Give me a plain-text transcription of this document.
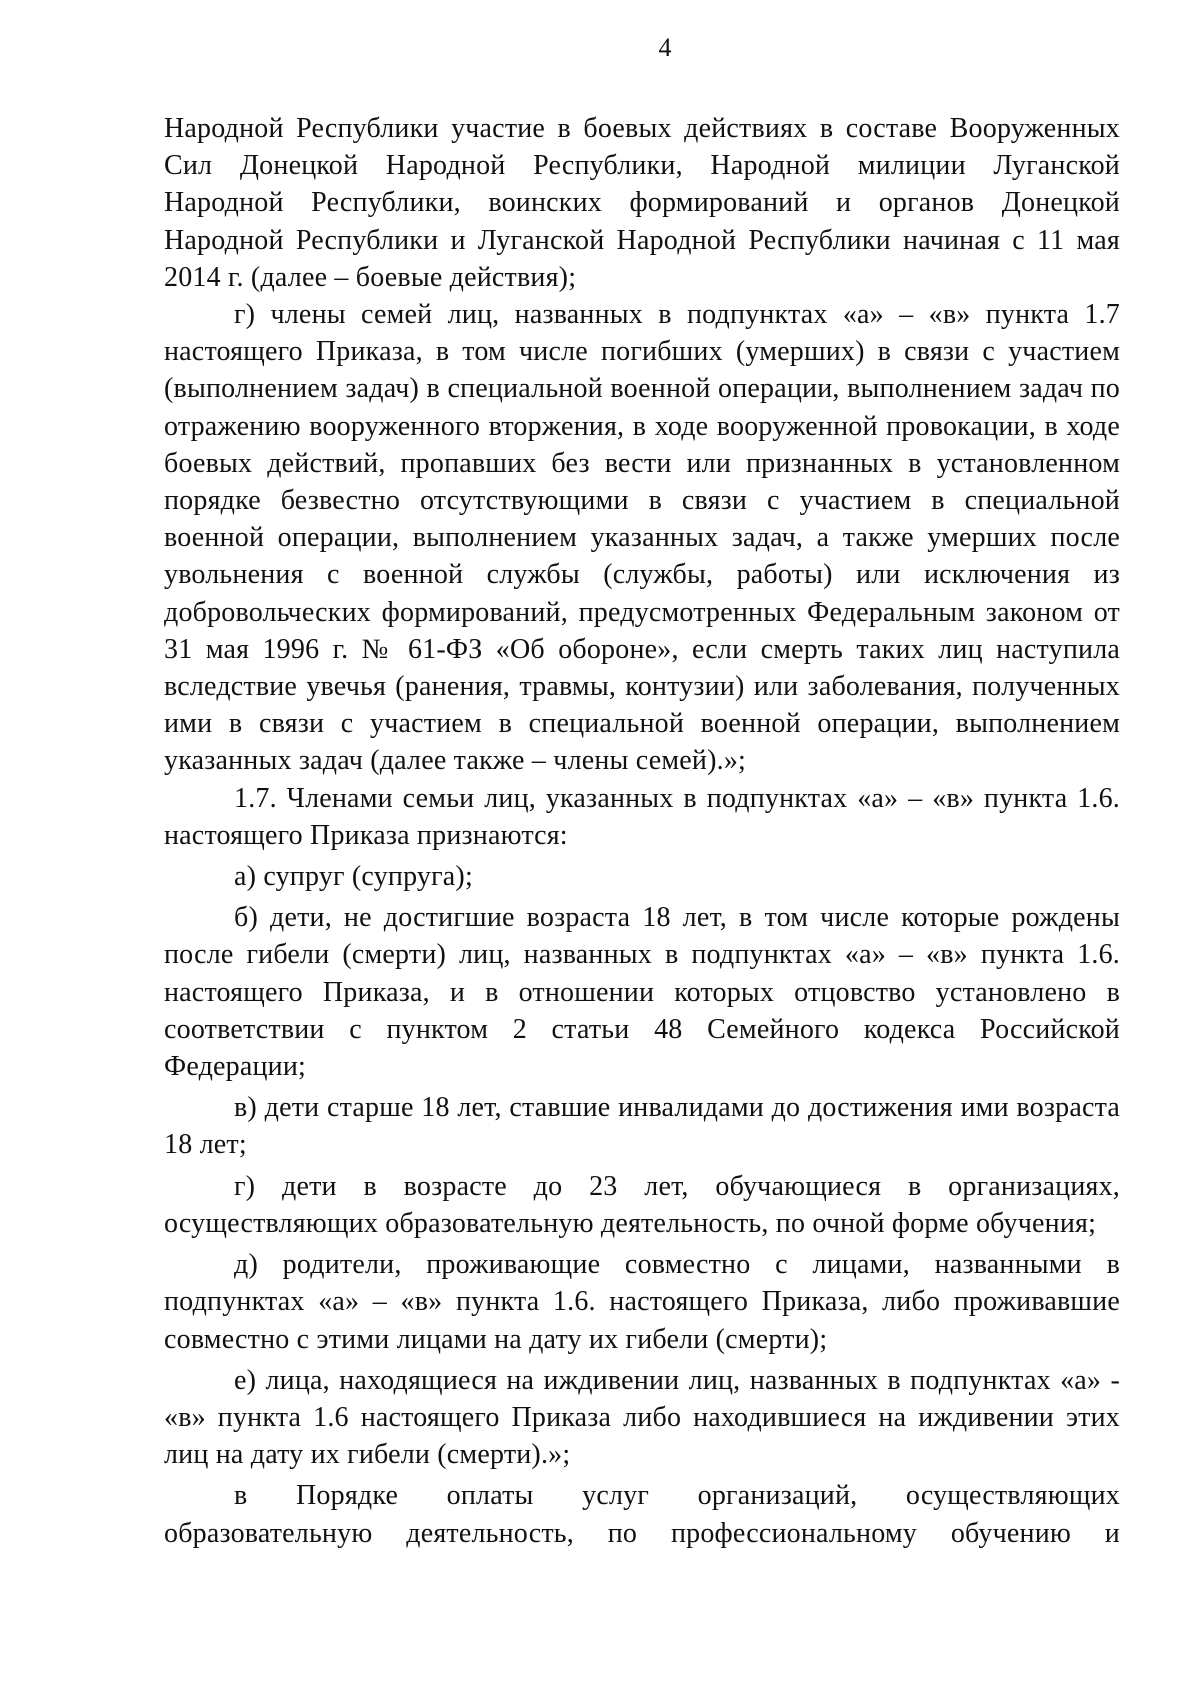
4

Народной Республики участие в боевых действиях в составе Вооруженных Сил Донецкой Народной Республики, Народной милиции Луганской Народной Республики, воинских формирований и органов Донецкой Народной Республики и Луганской Народной Республики начиная с 11 мая 2014 г. (далее – боевые действия);

г) члены семей лиц, названных в подпунктах «а» – «в» пункта 1.7 настоящего Приказа, в том числе погибших (умерших) в связи с участием (выполнением задач) в специальной военной операции, выполнением задач по отражению вооруженного вторжения, в ходе вооруженной провокации, в ходе боевых действий, пропавших без вести или признанных в установленном порядке безвестно отсутствующими в связи с участием в специальной военной операции, выполнением указанных задач, а также умерших после увольнения с военной службы (службы, работы) или исключения из добровольческих формирований, предусмотренных Федеральным законом от 31 мая 1996 г. № 61-ФЗ «Об обороне», если смерть таких лиц наступила вследствие увечья (ранения, травмы, контузии) или заболевания, полученных ими в связи с участием в специальной военной операции, выполнением указанных задач (далее также – члены семей).»;

1.7. Членами семьи лиц, указанных в подпунктах «а» – «в» пункта 1.6. настоящего Приказа признаются:

а) супруг (супруга);

б) дети, не достигшие возраста 18 лет, в том числе которые рождены после гибели (смерти) лиц, названных в подпунктах «а» – «в» пункта 1.6. настоящего Приказа, и в отношении которых отцовство установлено в соответствии с пунктом 2 статьи 48 Семейного кодекса Российской Федерации;

в) дети старше 18 лет, ставшие инвалидами до достижения ими возраста 18 лет;

г) дети в возрасте до 23 лет, обучающиеся в организациях, осуществляющих образовательную деятельность, по очной форме обучения;

д) родители, проживающие совместно с лицами, названными в подпунктах «а» – «в» пункта 1.6. настоящего Приказа, либо проживавшие совместно с этими лицами на дату их гибели (смерти);

е) лица, находящиеся на иждивении лиц, названных в подпунктах «а» - «в» пункта 1.6 настоящего Приказа либо находившиеся на иждивении этих лиц на дату их гибели (смерти).»;

в Порядке оплаты услуг организаций, осуществляющих образовательную деятельность, по профессиональному обучению и
